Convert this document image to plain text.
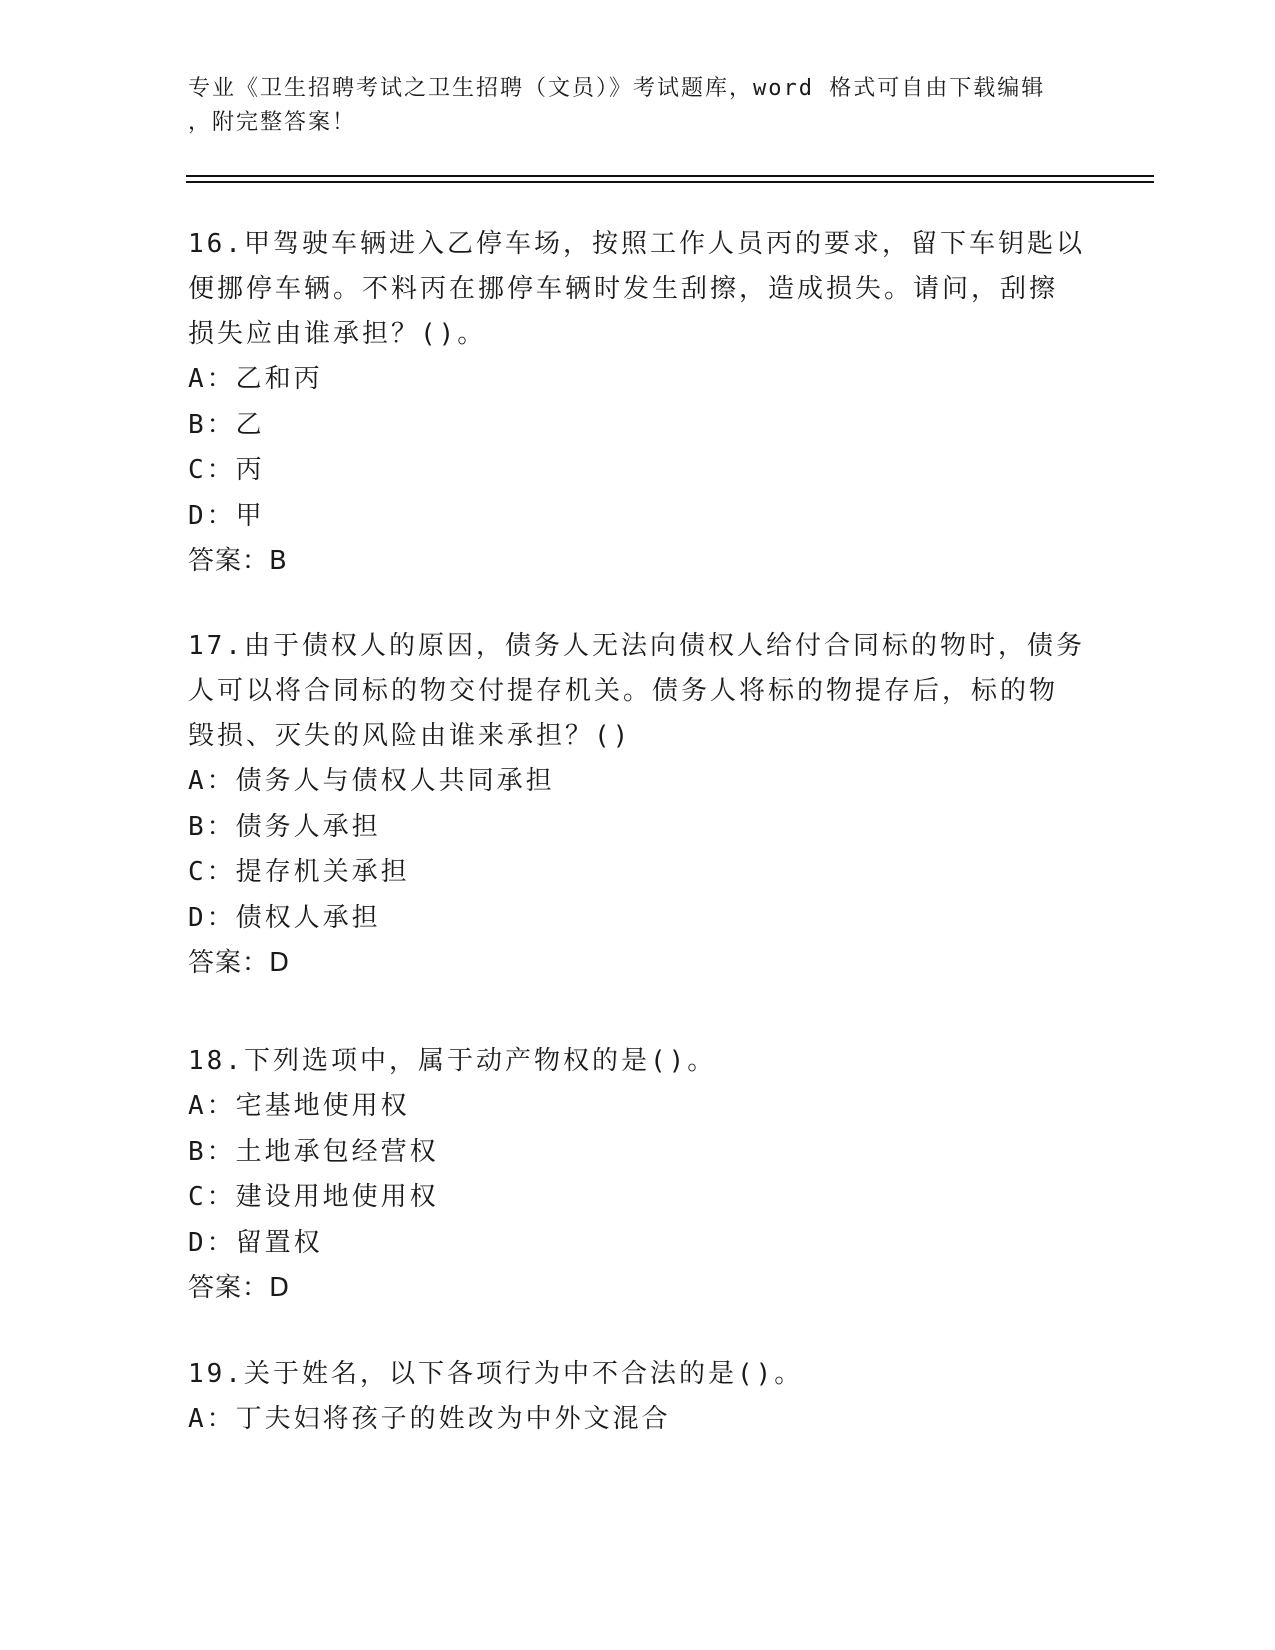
专业《卫生招聘考试之卫生招聘（文员）》考试题库，word 格式可自由下载编辑
，附完整答案！
16.甲驾驶车辆进入乙停车场，按照工作人员丙的要求，留下车钥匙以
便挪停车辆。不料丙在挪停车辆时发生刮擦，造成损失。请问，刮擦
损失应由谁承担？()。
A：乙和丙
B：乙
C：丙
D：甲
答案：B
17.由于债权人的原因，债务人无法向债权人给付合同标的物时，债务
人可以将合同标的物交付提存机关。债务人将标的物提存后，标的物
毁损、灭失的风险由谁来承担？()
A：债务人与债权人共同承担
B：债务人承担
C：提存机关承担
D：债权人承担
答案：D
18.下列选项中，属于动产物权的是()。
A：宅基地使用权
B：土地承包经营权
C：建设用地使用权
D：留置权
答案：D
19.关于姓名，以下各项行为中不合法的是()。
A：丁夫妇将孩子的姓改为中外文混合
